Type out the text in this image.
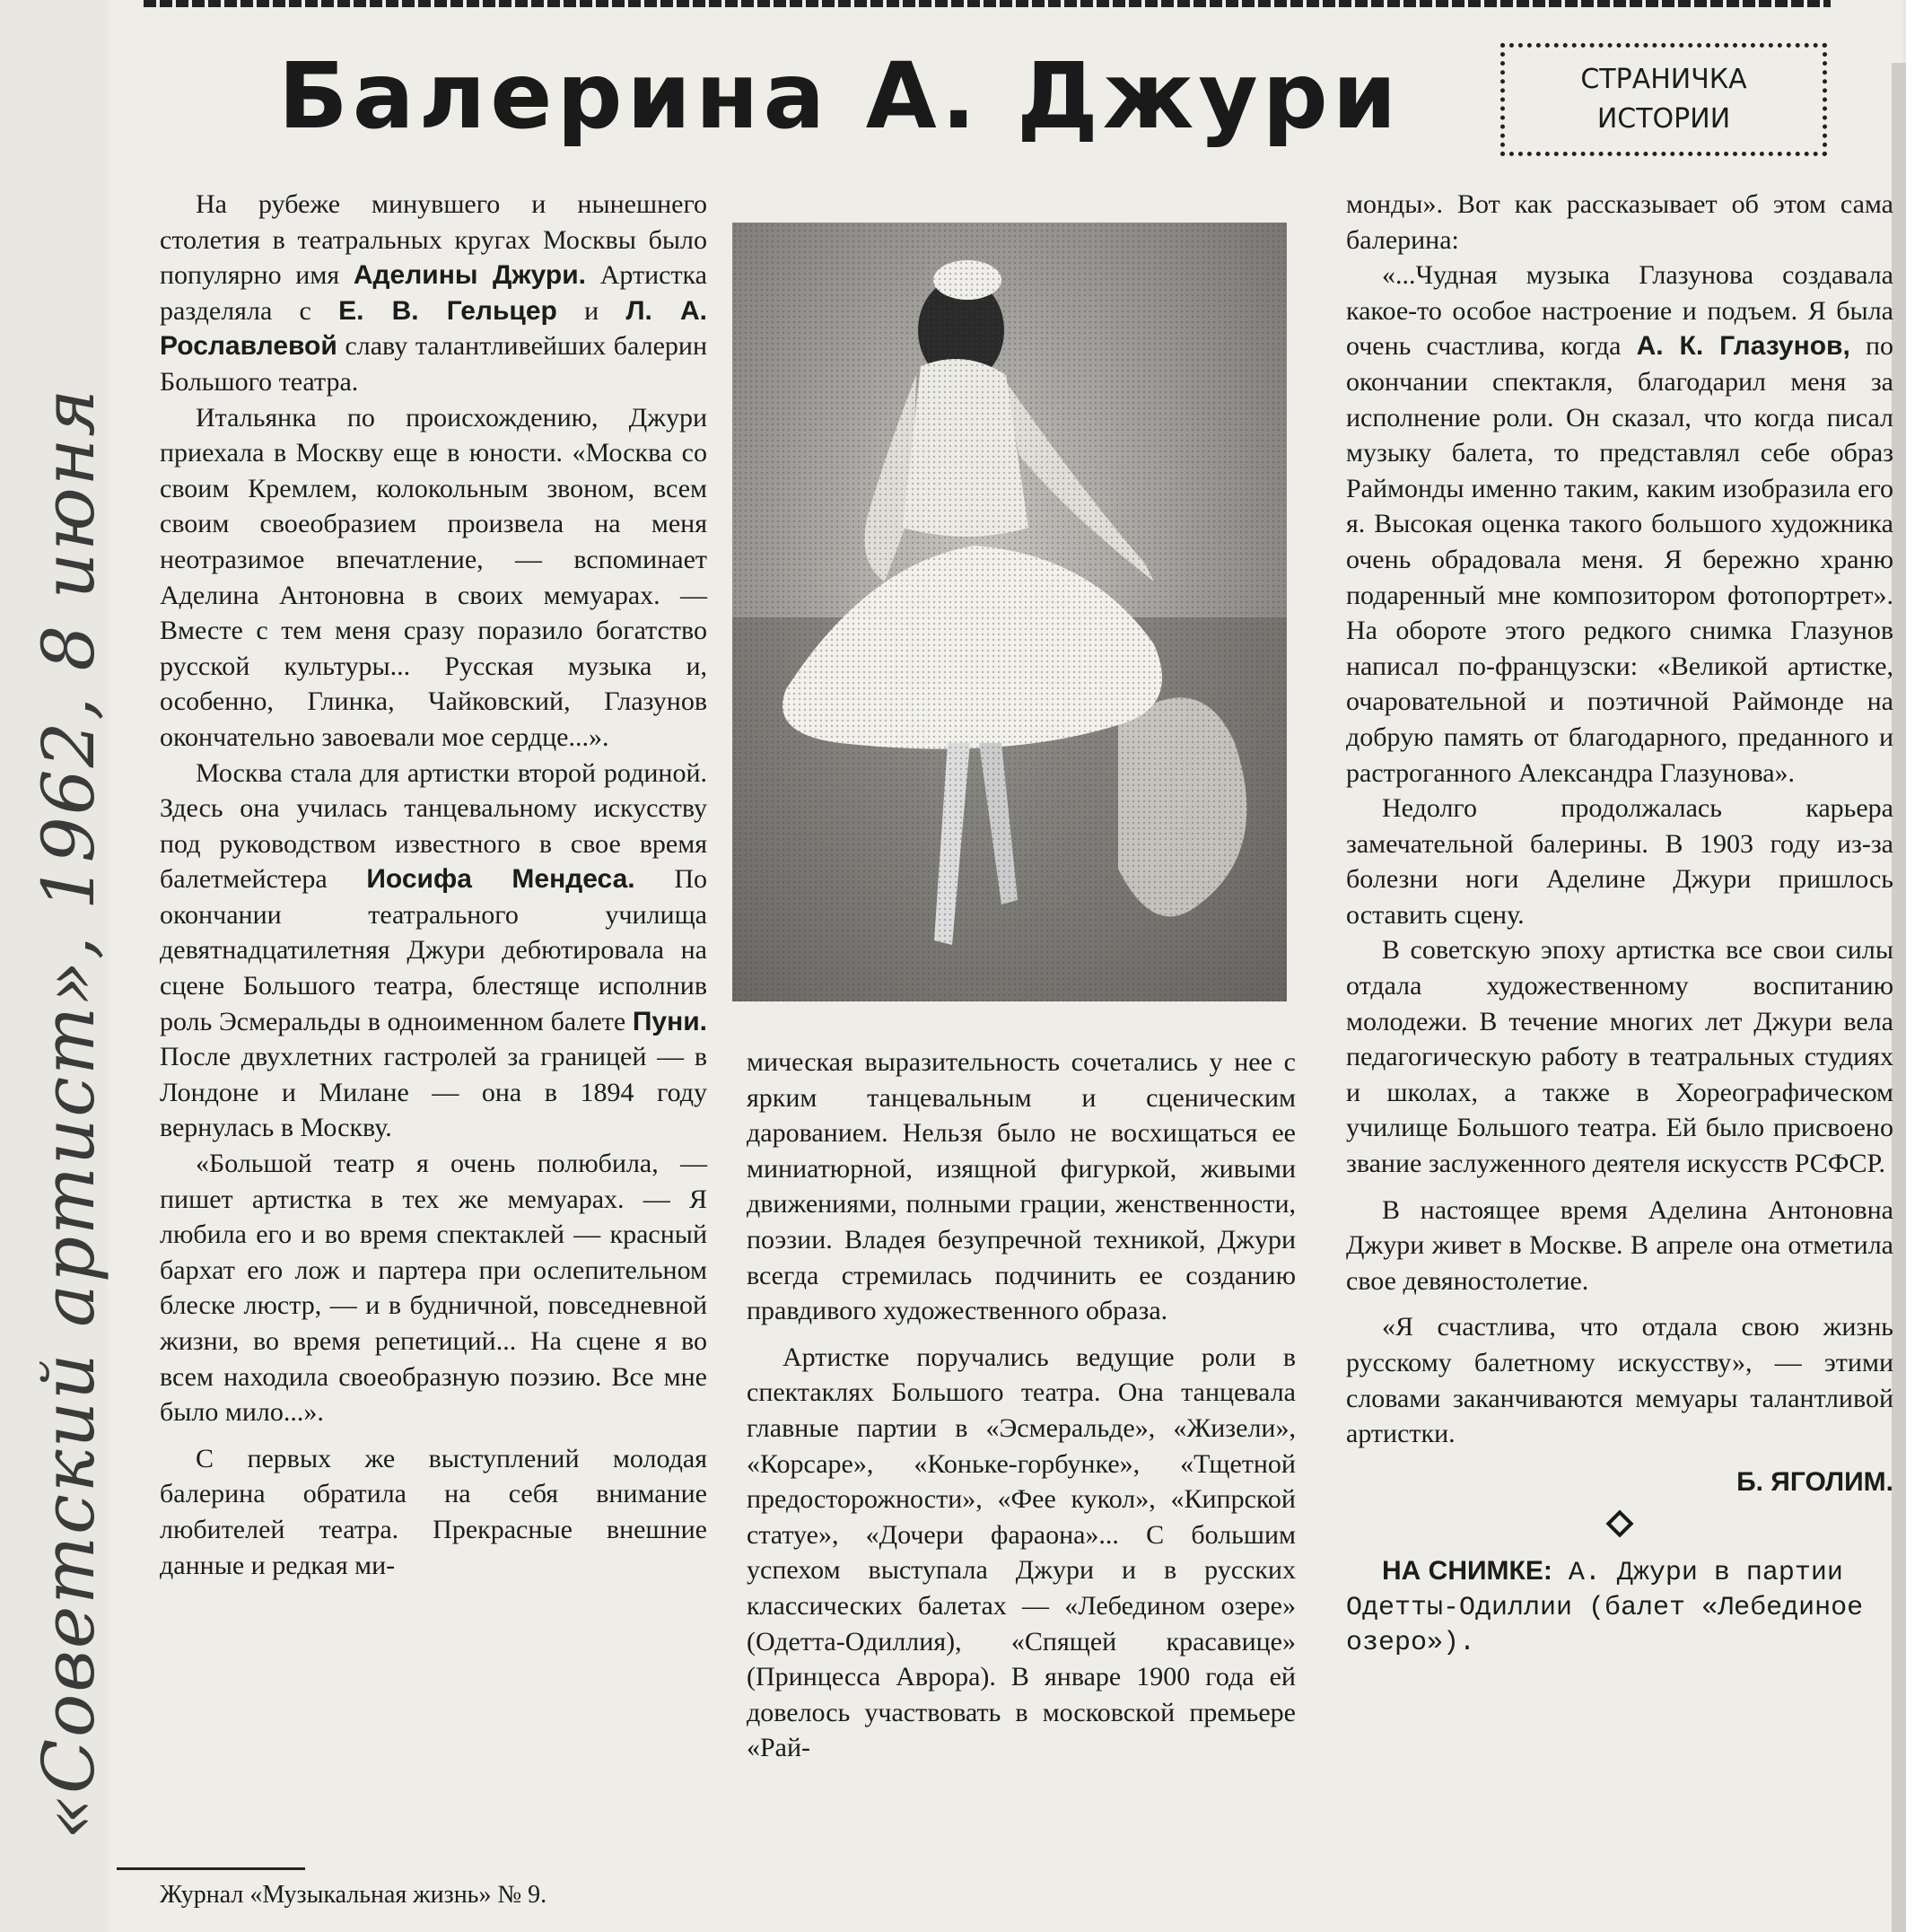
Балерина А. Джури	СТРАНИЧКА
ИСТОРИИ

На рубеже минувшего и нынешнего столетия в театральных кругах Москвы было популярно имя Аделины Джури. Артистка разделяла с Е. В. Гельцер и Л. А. Рославлевой славу талантливейших балерин Большого театра.

Итальянка по происхождению, Джури приехала в Москву еще в юности. «Москва со своим Кремлем, колокольным звоном, всем своим своеобразием произвела на меня неотразимое впечатление, — вспоминает Аделина Антоновна в своих мемуарах. — Вместе с тем меня сразу поразило богатство русской культуры... Русская музыка и, особенно, Глинка, Чайковский, Глазунов окончательно завоевали мое сердце...».

Москва стала для артистки второй родиной. Здесь она училась танцевальному искусству под руководством известного в свое время балетмейстера Иосифа Мендеса. По окончании театрального училища девятнадцатилетняя Джури дебютировала на сцене Большого театра, блестяще исполнив роль Эсмеральды в одноименном балете Пуни. После двухлетних гастролей за границей — в Лондоне и Милане — она в 1894 году вернулась в Москву.

«Большой театр я очень полюбила, — пишет артистка в тех же мемуарах. — Я любила его и во время спектаклей — красный бархат его лож и партера при ослепительном блеске люстр, — и в будничной, повседневной жизни, во время репетиций... На сцене я во всем находила своеобразную поэзию. Все мне было мило...».

С первых же выступлений молодая балерина обратила на себя внимание любителей театра. Прекрасные внешние данные и редкая ми-

мическая выразительность сочетались у нее с ярким танцевальным и сценическим дарованием. Нельзя было не восхищаться ее миниатюрной, изящной фигуркой, живыми движениями, полными грации, женственности, поэзии. Владея безупречной техникой, Джури всегда стремилась подчинить ее созданию правдивого художественного образа.

Артистке поручались ведущие роли в спектаклях Большого театра. Она танцевала главные партии в «Эсмеральде», «Жизели», «Корсаре», «Коньке-горбунке», «Тщетной предосторожности», «Фее кукол», «Кипрской статуе», «Дочери фараона»... С большим успехом выступала Джури и в русских классических балетах — «Лебедином озере» (Одетта-Одиллия), «Спящей красавице» (Принцесса Аврора). В январе 1900 года ей довелось участвовать в московской премьере «Рай-

монды». Вот как рассказывает об этом сама балерина:

«...Чудная музыка Глазунова создавала какое-то особое настроение и подъем. Я была очень счастлива, когда А. К. Глазунов, по окончании спектакля, благодарил меня за исполнение роли. Он сказал, что когда писал музыку балета, то представлял себе образ Раймонды именно таким, каким изобразила его я. Высокая оценка такого большого художника очень обрадовала меня. Я бережно храню подаренный мне композитором фотопортрет». На обороте этого редкого снимка Глазунов написал по-французски: «Великой артистке, очаровательной и поэтичной Раймонде на добрую память от благодарного, преданного и растроганного Александра Глазунова».

Недолго продолжалась карьера замечательной балерины. В 1903 году из-за болезни ноги Аделине Джури пришлось оставить сцену.

В советскую эпоху артистка все свои силы отдала художественному воспитанию молодежи. В течение многих лет Джури вела педагогическую работу в театральных студиях и школах, а также в Хореографическом училище Большого театра. Ей было присвоено звание заслуженного деятеля искусств РСФСР.

В настоящее время Аделина Антоновна Джури живет в Москве. В апреле она отметила свое девяностолетие.

«Я счастлива, что отдала свою жизнь русскому балетному искусству», — этими словами заканчиваются мемуары талантливой артистки.

Б. ЯГОЛИМ.

НА СНИМКЕ: А. Джури в партии Одетты-Одиллии (балет «Лебединое озеро»).

Журнал «Музыкальная жизнь» № 9.
«Советский артист», 1962, 8 июня
